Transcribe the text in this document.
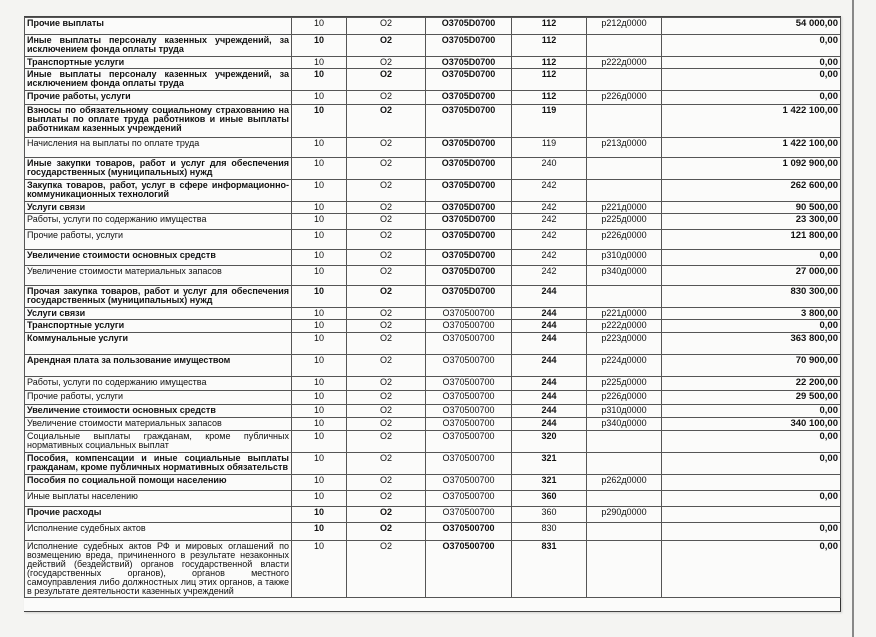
Прочие выплаты	10	О2	О3705D0700	112	р212д0000	54 000,00
Иные выплаты персоналу казенных учреждений, за исключением фонда оплаты труда	10	О2	О3705D0700	112		0,00
Транспортные услуги	10	О2	О3705D0700	112	р222д0000	0,00
Иные выплаты персоналу казенных учреждений, за исключением фонда оплаты труда	10	О2	О3705D0700	112		0,00
Прочие работы, услуги	10	О2	О3705D0700	112	р226д0000	0,00
Взносы по обязательному социальному страхованию на выплаты по оплате труда работников и иные выплаты работникам казенных учреждений	10	О2	О3705D0700	119		1 422 100,00
Начисления на выплаты по оплате труда	10	О2	О3705D0700	119	р213д0000	1 422 100,00
Иные закупки товаров, работ и услуг для обеспечения государственных (муниципальных) нужд	10	О2	О3705D0700	240		1 092 900,00
Закупка товаров, работ, услуг в сфере информационно-коммуникационных технологий	10	О2	О3705D0700	242		262 600,00
Услуги связи	10	О2	О3705D0700	242	р221д0000	90 500,00
Работы, услуги по содержанию имущества	10	О2	О3705D0700	242	р225д0000	23 300,00
Прочие работы, услуги	10	О2	О3705D0700	242	р226д0000	121 800,00
Увеличение стоимости основных средств	10	О2	О3705D0700	242	р310д0000	0,00
Увеличение стоимости материальных запасов	10	О2	О3705D0700	242	р340д0000	27 000,00
Прочая закупка товаров, работ и услуг для обеспечения государственных (муниципальных) нужд	10	О2	О3705D0700	244		830 300,00
Услуги связи	10	О2	О370500700	244	р221д0000	3 800,00
Транспортные услуги	10	О2	О370500700	244	р222д0000	0,00
Коммунальные услуги	10	О2	О370500700	244	р223д0000	363 800,00
Арендная плата за пользование имуществом	10	О2	О370500700	244	р224д0000	70 900,00
Работы, услуги по содержанию имущества	10	О2	О370500700	244	р225д0000	22 200,00
Прочие работы, услуги	10	О2	О370500700	244	р226д0000	29 500,00
Увеличение стоимости основных средств	10	О2	О370500700	244	р310д0000	0,00
Увеличение стоимости материальных запасов	10	О2	О370500700	244	р340д0000	340 100,00
Социальные выплаты гражданам, кроме публичных нормативных социальных выплат	10	О2	О370500700	320		0,00
Пособия, компенсации и иные социальные выплаты гражданам, кроме публичных нормативных обязательств	10	О2	О370500700	321		0,00
Пособия по социальной помощи населению	10	О2	О370500700	321	р262д0000	
Иные выплаты населению	10	О2	О370500700	360		0,00
Прочие расходы	10	О2	О370500700	360	р290д0000	
Исполнение судебных актов	10	О2	О370500700	830		0,00
Исполнение судебных актов РФ и мировых оглашений по возмещению вреда, причиненного в результате незаконных действий (бездействий) органов государственной власти (государственных органов), органов местного самоуправления либо должностных лиц этих органов, а также в результате деятельности казенных учреждений	10	О2	О370500700	831		0,00
